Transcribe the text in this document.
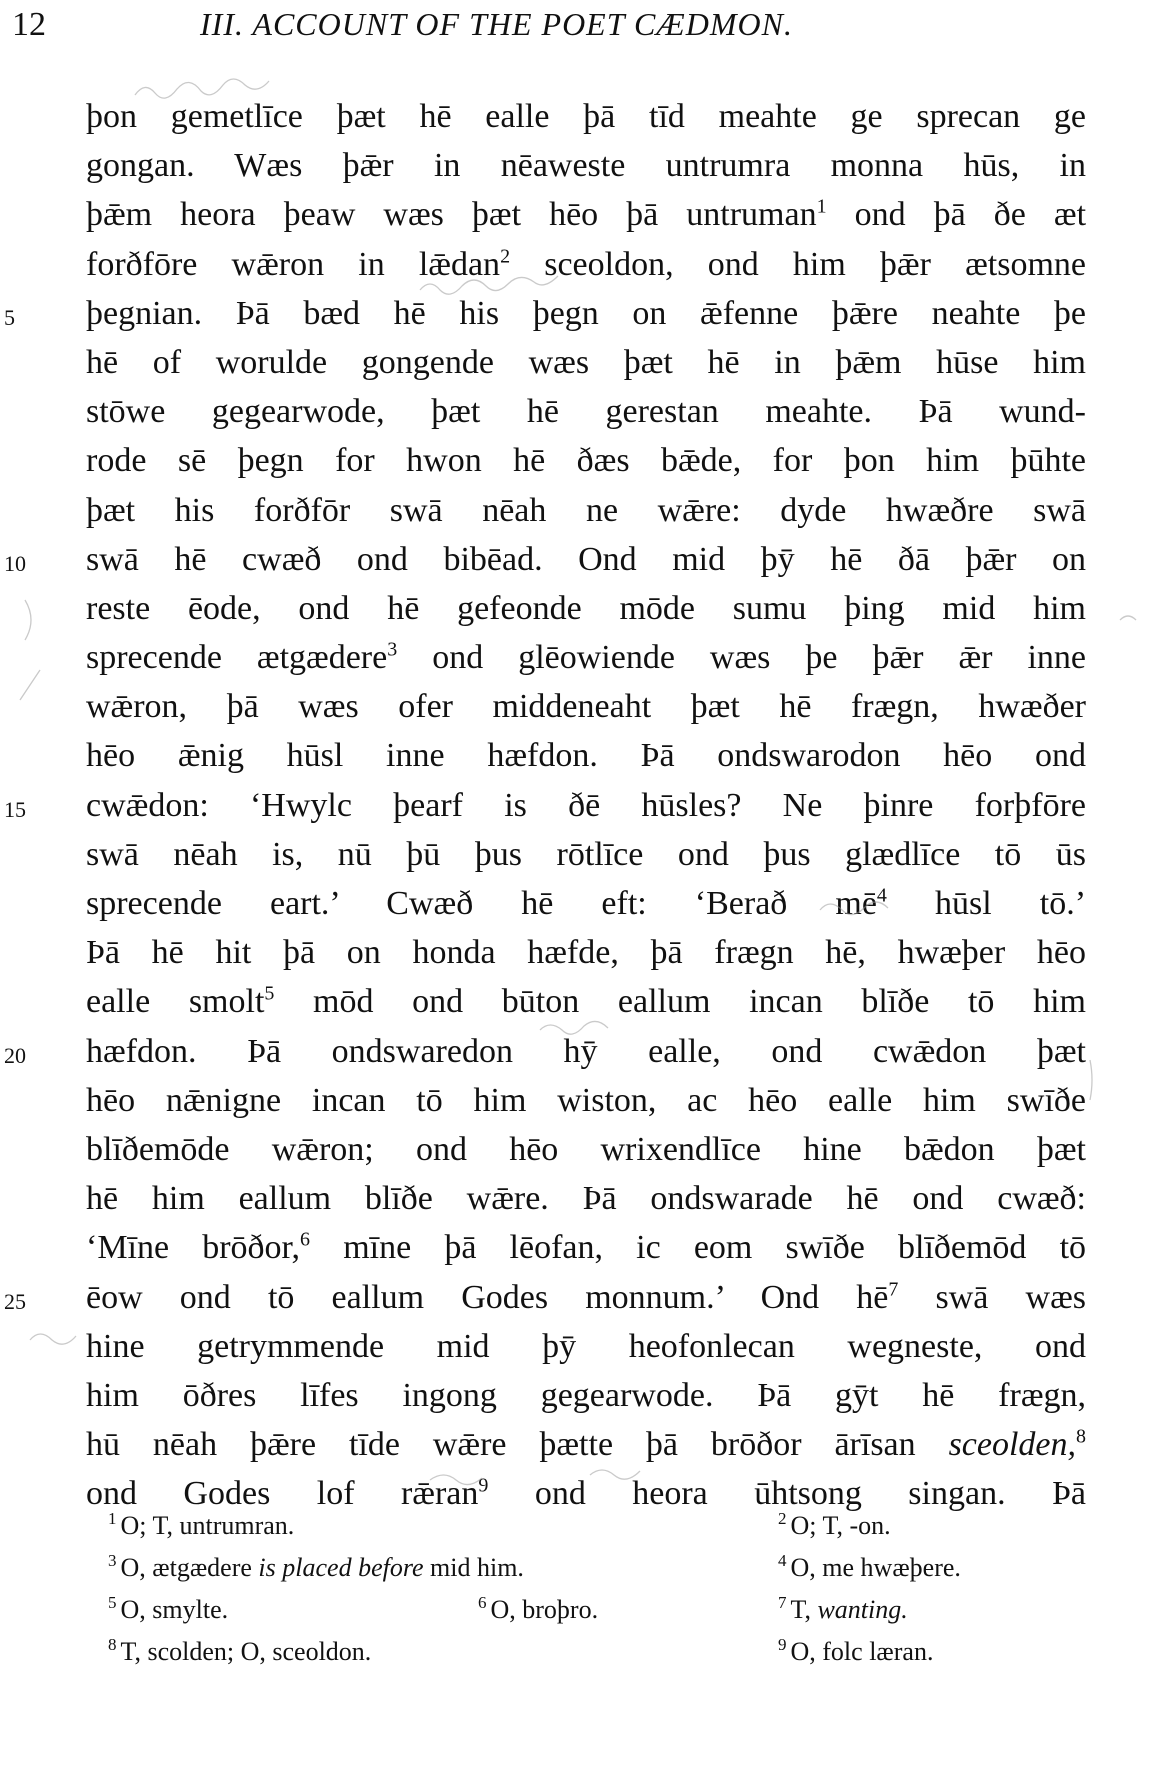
12	III. ACCOUNT OF THE POET CÆDMON.
þon gemetlīce þæt hē ealle þā tīd meahte ge sprecan ge
gongan. Wæs þǣr in nēaweste untrumra monna hūs, in
þǣm heora þeaw wæs þæt hēo þā untruman$^1$ ond þā ðe æt
forðfōre wǣron in lǣdan$^2$ sceoldon, ond him þǣr ætsomne
5	þegnian. Þā bæd hē his þegn on ǣfenne þǣre neahte þe
hē of worulde gongende wæs þæt hē in þǣm hūse him
stōwe gegearwode, þæt hē gerestan meahte. Þā wund-
rode sē þegn for hwon hē ðæs bǣde, for þon him þūhte
þæt his forðfōr swā nēah ne wǣre: dyde hwæðre swā
10	swā hē cwæð ond bibēad. Ond mid þȳ hē ðā þǣr on
reste ēode, ond hē gefeonde mōde sumu þing mid him
sprecende ætgædere$^3$ ond glēowiende wæs þe þǣr ǣr inne
wǣron, þā wæs ofer middeneaht þæt hē frægn, hwæðer
hēo ǣnig hūsl inne hæfdon. Þā ondswarodon hēo ond
15	cwǣdon: ‘Hwylc þearf is ðē hūsles? Ne þinre forþfōre
swā nēah is, nū þū þus rōtlīce ond þus glædlīce tō ūs
sprecende eart.’ Cwæð hē eft: ‘Berað $mē^4$ hūsl tō.’
Þā hē hit þā on honda hæfde, þā frægn hē, hwæþer hēo
ealle smolt$^5$ mōd ond būton eallum incan blīðe tō him
20	hæfdon. Þā ondswaredon hȳ ealle, ond cwǣdon þæt
hēo nǣnigne incan tō him wiston, ac hēo ealle him swīðe
blīðemōde wǣron; ond hēo wrixendlīce hine bǣdon þæt
hē him eallum blīðe wǣre. Þā ondswarade hē ond cwæð:
‘Mīne brōðor,$^6$ mīne þā lēofan, ic eom swīðe blīðemōd tō
25	ēow ond tō eallum Godes monnum.’ Ond $hē^7$ swā wæs
hine getrymmende mid þȳ heofonlecan wegneste, ond
him ōðres līfes ingong gegearwode. Þā gȳt hē frægn,
hū nēah þǣre tīde wǣre þætte þā brōðor ārīsan sceolden,$^8$
ond Godes lof rǣran$^9$ ond heora ūhtsong singan. Þā
$^1$ O; T, untrumran.	$^2$ O; T, -on.
$^3$ O, ætgædere is placed before mid him.	$^4$ O, me hwæþere.
$^5$ O, smylte.	$^6$ O, broþro.	$^7$ T, wanting.
$^8$ T, scolden; O, sceoldon.	$^9$ O, folc læran.
